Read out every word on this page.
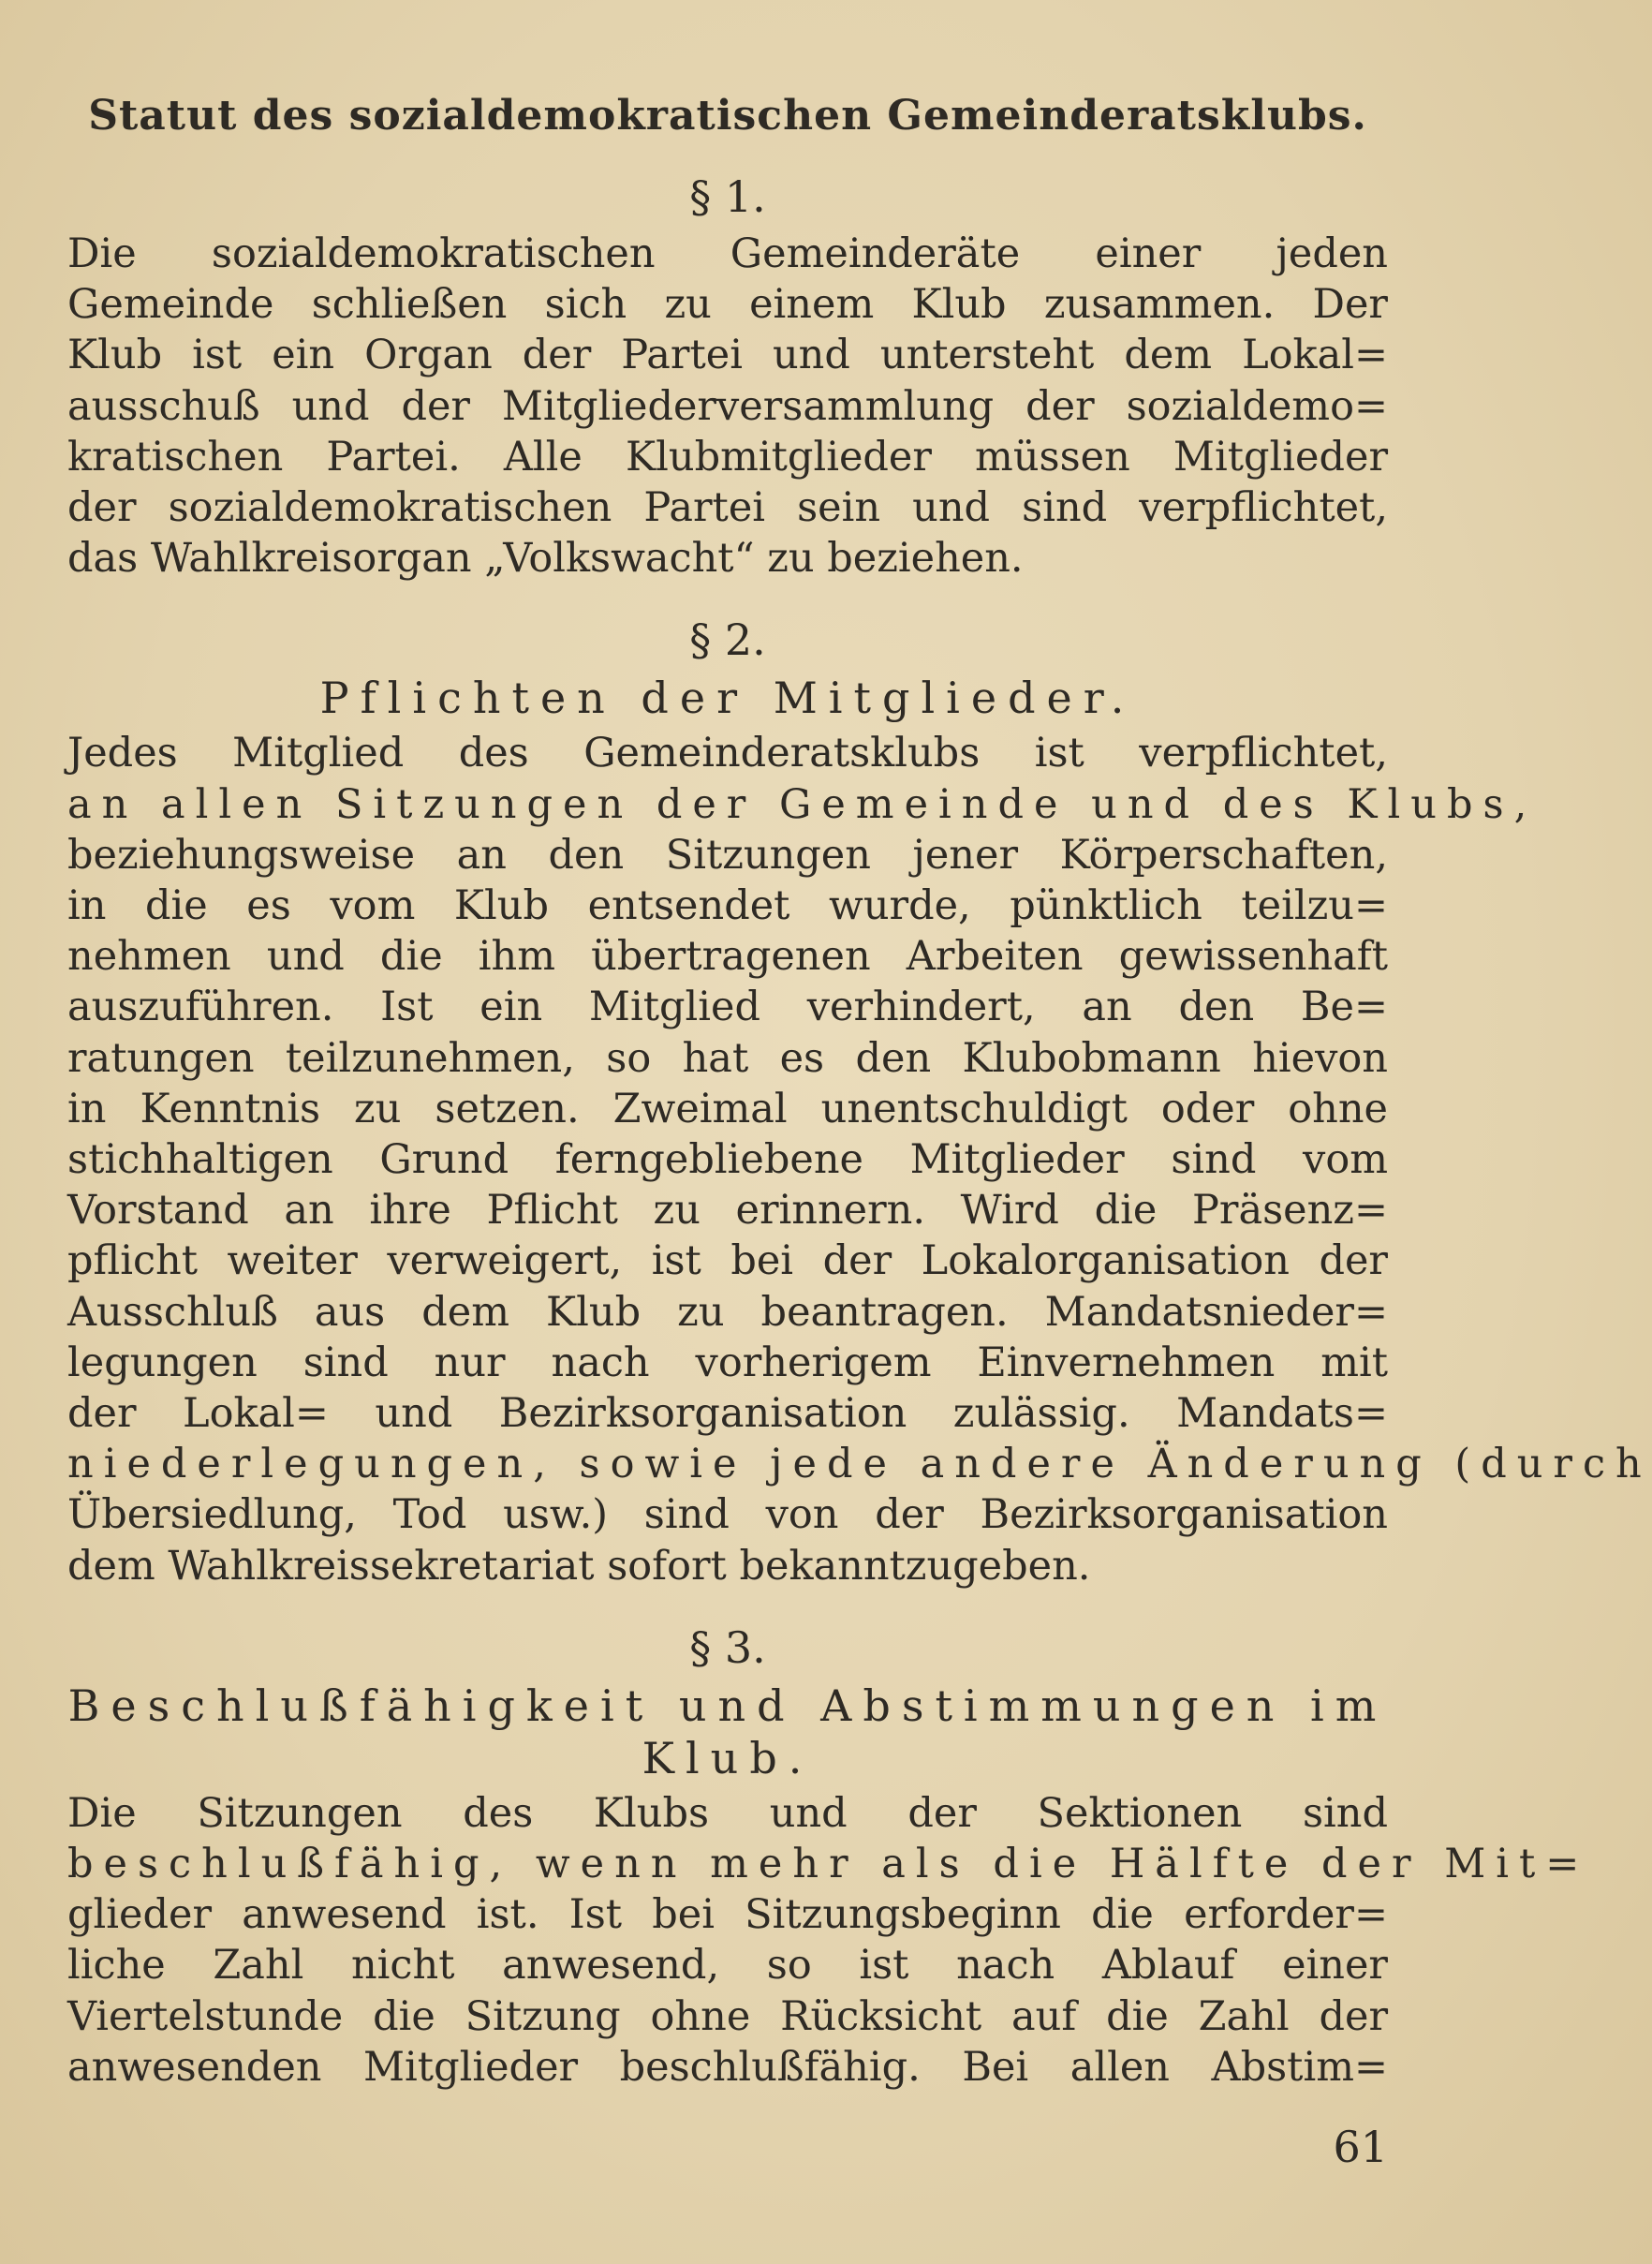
Statut des sozialdemokratischen Gemeinderatsklubs.

§ 1.

Die sozialdemokratischen Gemeinderäte einer jeden
Gemeinde schließen sich zu einem Klub zusammen. Der
Klub ist ein Organ der Partei und untersteht dem Lokal=
ausschuß und der Mitgliederversammlung der sozialdemo=
kratischen Partei. Alle Klubmitglieder müssen Mitglieder
der sozialdemokratischen Partei sein und sind verpflichtet,
das Wahlkreisorgan „Volkswacht“ zu beziehen.

§ 2.

Pflichten der Mitglieder.

Jedes Mitglied des Gemeinderatsklubs ist verpflichtet,
an allen Sitzungen der Gemeinde und des Klubs,
beziehungsweise an den Sitzungen jener Körperschaften,
in die es vom Klub entsendet wurde, pünktlich teilzu=
nehmen und die ihm übertragenen Arbeiten gewissenhaft
auszuführen. Ist ein Mitglied verhindert, an den Be=
ratungen teilzunehmen, so hat es den Klubobmann hievon
in Kenntnis zu setzen. Zweimal unentschuldigt oder ohne
stichhaltigen Grund ferngebliebene Mitglieder sind vom
Vorstand an ihre Pflicht zu erinnern. Wird die Präsenz=
pflicht weiter verweigert, ist bei der Lokalorganisation der
Ausschluß aus dem Klub zu beantragen. Mandatsnieder=
legungen sind nur nach vorherigem Einvernehmen mit
der Lokal= und Bezirksorganisation zulässig. Mandats=
niederlegungen, sowie jede andere Änderung (durch
Übersiedlung, Tod usw.) sind von der Bezirksorganisation
dem Wahlkreissekretariat sofort bekanntzugeben.

§ 3.

Beschlußfähigkeit und Abstimmungen im Klub.

Die Sitzungen des Klubs und der Sektionen sind
beschlußfähig, wenn mehr als die Hälfte der Mit=
glieder anwesend ist. Ist bei Sitzungsbeginn die erforder=
liche Zahl nicht anwesend, so ist nach Ablauf einer
Viertelstunde die Sitzung ohne Rücksicht auf die Zahl der
anwesenden Mitglieder beschlußfähig. Bei allen Abstim=

61
